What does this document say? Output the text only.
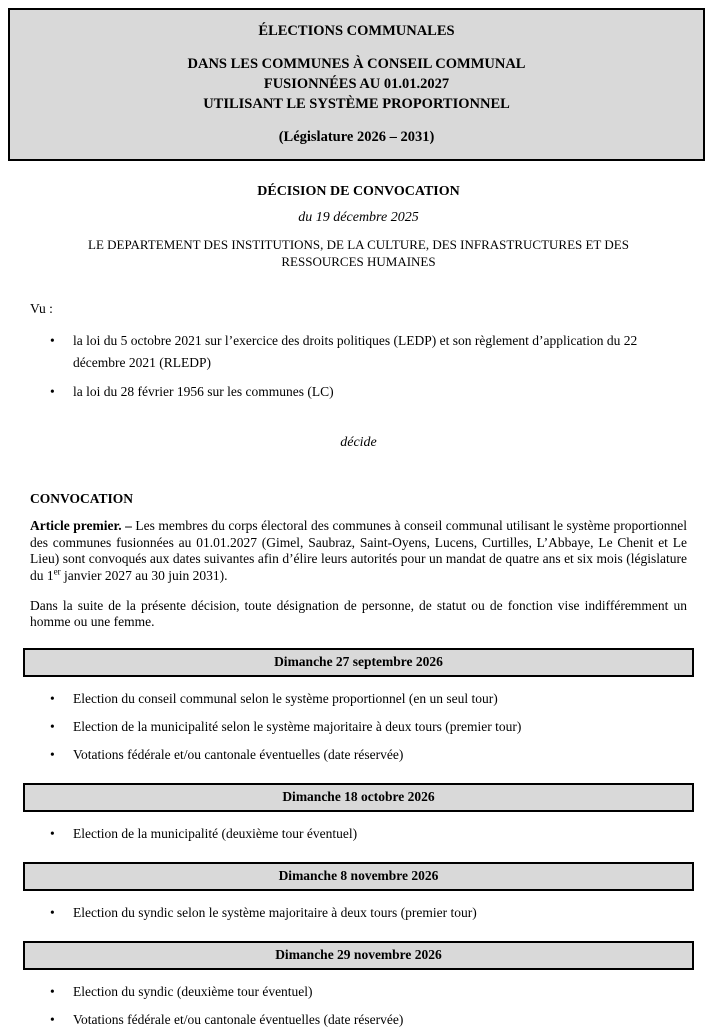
ÉLECTIONS COMMUNALES
DANS LES COMMUNES À CONSEIL COMMUNAL
FUSIONNÉES AU 01.01.2027
UTILISANT LE SYSTÈME PROPORTIONNEL
(Législature 2026 – 2031)
DÉCISION DE CONVOCATION
du 19 décembre 2025
LE DEPARTEMENT DES INSTITUTIONS, DE LA CULTURE, DES INFRASTRUCTURES ET DES RESSOURCES HUMAINES
Vu :
• la loi du 5 octobre 2021 sur l’exercice des droits politiques (LEDP) et son règlement d’application du 22 décembre 2021 (RLEDP)
• la loi du 28 février 1956 sur les communes (LC)
décide
CONVOCATION

Article premier. – Les membres du corps électoral des communes à conseil communal utilisant le système proportionnel des communes fusionnées au 01.01.2027 (Gimel, Saubraz, Saint-Oyens, Lucens, Curtilles, L’Abbaye, Le Chenit et Le Lieu) sont convoqués aux dates suivantes afin d’élire leurs autorités pour un mandat de quatre ans et six mois (législature du 1er janvier 2027 au 30 juin 2031).

Dans la suite de la présente décision, toute désignation de personne, de statut ou de fonction vise indifféremment un homme ou une femme.

Dimanche 27 septembre 2026
• Election du conseil communal selon le système proportionnel (en un seul tour)
• Election de la municipalité selon le système majoritaire à deux tours (premier tour)
• Votations fédérale et/ou cantonale éventuelles (date réservée)
Dimanche 18 octobre 2026
• Election de la municipalité (deuxième tour éventuel)
Dimanche 8 novembre 2026
• Election du syndic selon le système majoritaire à deux tours (premier tour)
Dimanche 29 novembre 2026
• Election du syndic (deuxième tour éventuel)
• Votations fédérale et/ou cantonale éventuelles (date réservée)
